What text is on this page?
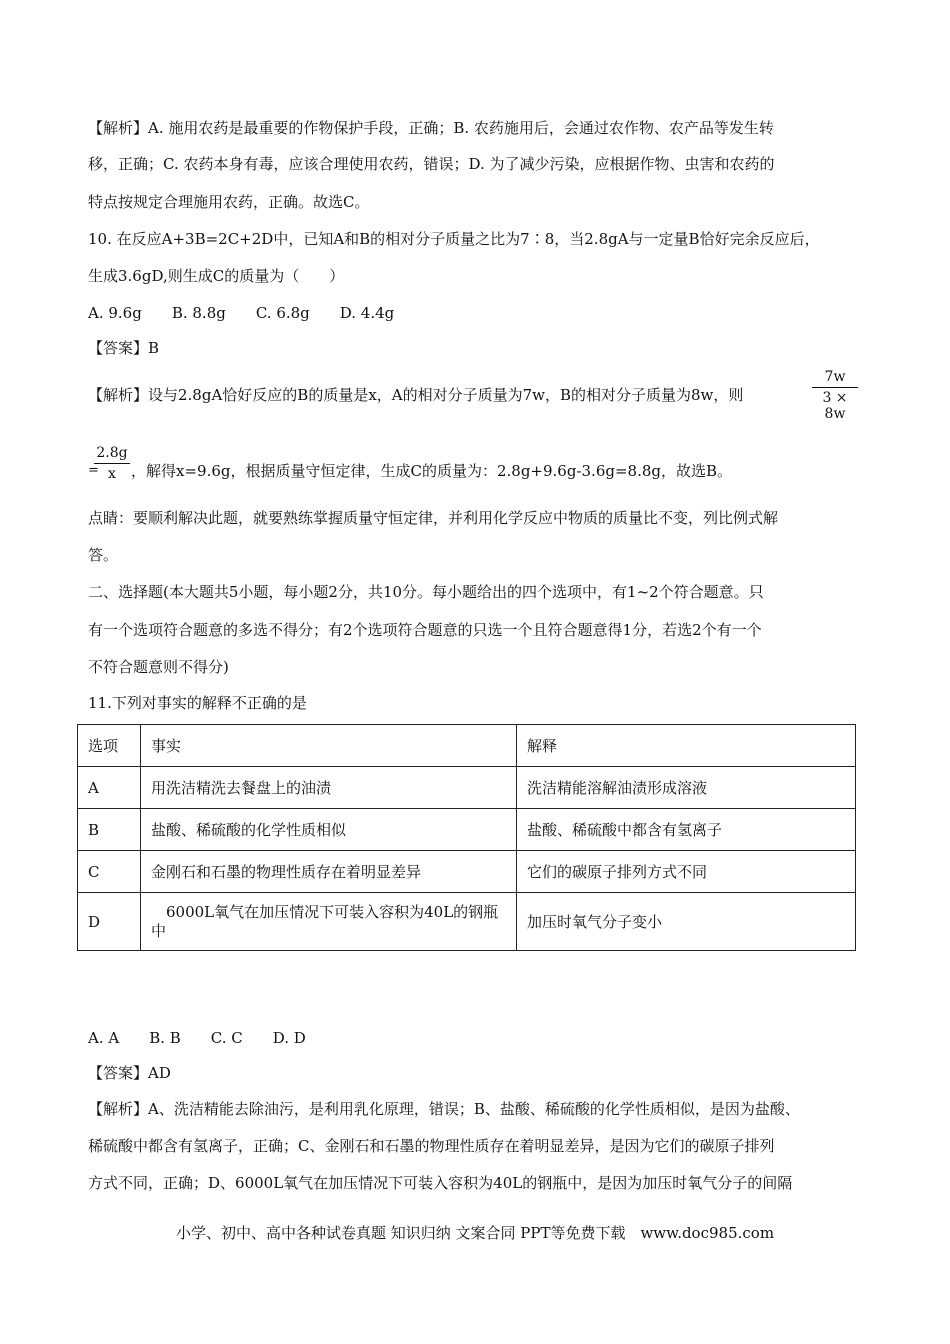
【解析】A. 施用农药是最重要的作物保护手段，正确；B. 农药施用后，会通过农作物、农产品等发生转
移，正确；C. 农药本身有毒，应该合理使用农药，错误；D. 为了减少污染，应根据作物、虫害和农药的
特点按规定合理施用农药，正确。故选C。
10. 在反应A+3B=2C+2D中，已知A和B的相对分子质量之比为7∶8，当2.8gA与一定量B恰好完余反应后，
生成3.6gD,则生成C的质量为（　　）
A. 9.6g　　B. 8.8g　　C. 6.8g　　D. 4.4g
【答案】B
【解析】设与2.8gA恰好反应的B的质量是x，A的相对分子质量为7w，B的相对分子质量为8w，则
7w
3 × 8w
2.8g
x
= ，解得x=9.6g，根据质量守恒定律，生成C的质量为：2.8g+9.6g-3.6g=8.8g，故选B。
点睛：要顺利解决此题，就要熟练掌握质量守恒定律，并利用化学反应中物质的质量比不变，列比例式解
答。
二、选择题(本大题共5小题，每小题2分，共10分。每小题给出的四个选项中，有1~2个符合题意。只
有一个选项符合题意的多选不得分；有2个选项符合题意的只选一个且符合题意得1分，若选2个有一个
不符合题意则不得分)
11.下列对事实的解释不正确的是
选项	事实	解释
A	用洗洁精洗去餐盘上的油渍	洗洁精能溶解油渍形成溶液
B	盐酸、稀硫酸的化学性质相似	盐酸、稀硫酸中都含有氢离子
C	金刚石和石墨的物理性质存在着明显差异	它们的碳原子排列方式不同
D	　6000L氧气在加压情况下可装入容积为40L的钢瓶中	加压时氧气分子变小
A. A　　B. B　　C. C　　D. D
【答案】AD
【解析】A、洗洁精能去除油污，是利用乳化原理，错误；B、盐酸、稀硫酸的化学性质相似，是因为盐酸、
稀硫酸中都含有氢离子，正确；C、金刚石和石墨的物理性质存在着明显差异，是因为它们的碳原子排列
方式不同，正确；D、6000L氧气在加压情况下可装入容积为40L的钢瓶中，是因为加压时氧气分子的间隔
小学、初中、高中各种试卷真题 知识归纳 文案合同 PPT等免费下载　www.doc985.com
